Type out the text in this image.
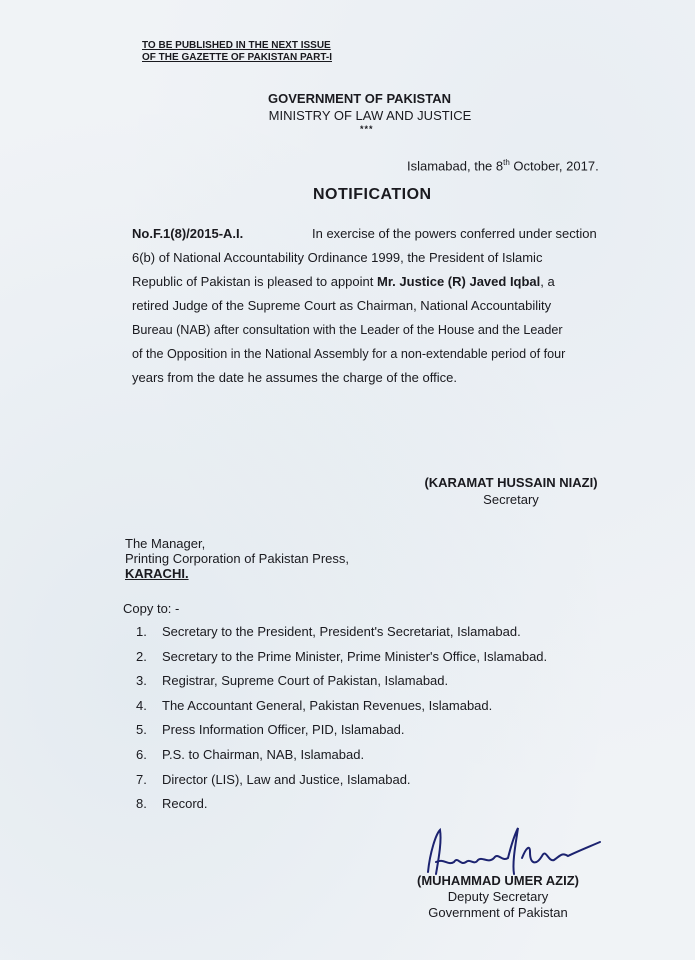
TO BE PUBLISHED IN THE NEXT ISSUE
OF THE GAZETTE OF PAKISTAN PART-I
GOVERNMENT OF PAKISTAN
MINISTRY OF LAW AND JUSTICE
***
Islamabad, the 8th October, 2017.
NOTIFICATION
No.F.1(8)/2015-A.I.	In exercise of the powers conferred under section
6(b) of National Accountability Ordinance 1999, the President of Islamic
Republic of Pakistan is pleased to appoint Mr. Justice (R) Javed Iqbal, a
retired Judge of the Supreme Court as Chairman, National Accountability
Bureau (NAB) after consultation with the Leader of the House and the Leader
of the Opposition in the National Assembly for a non-extendable period of four
years from the date he assumes the charge of the office.
(KARAMAT HUSSAIN NIAZI)
Secretary
The Manager,
Printing Corporation of Pakistan Press,
KARACHI.
Copy to: -
1.	Secretary to the President, President's Secretariat, Islamabad.
2.	Secretary to the Prime Minister, Prime Minister's Office, Islamabad.
3.	Registrar, Supreme Court of Pakistan, Islamabad.
4.	The Accountant General, Pakistan Revenues, Islamabad.
5.	Press Information Officer, PID, Islamabad.
6.	P.S. to Chairman, NAB, Islamabad.
7.	Director (LIS), Law and Justice, Islamabad.
8.	Record.
(MUHAMMAD UMER AZIZ)
Deputy Secretary
Government of Pakistan
